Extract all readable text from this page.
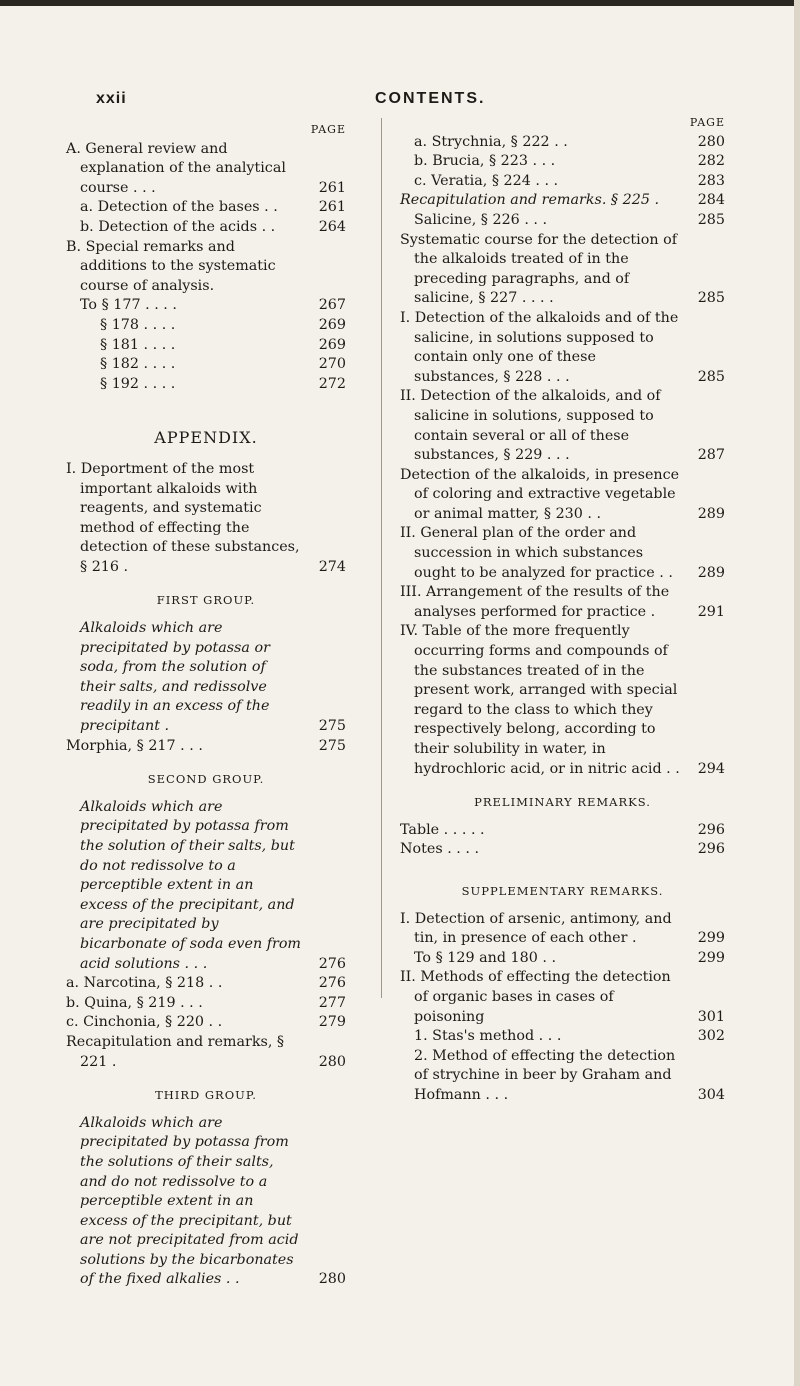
xxii	CONTENTS.
PAGE
A. General review and explanation of the analytical course . . .	261
a. Detection of the bases . .	261
b. Detection of the acids . .	264
B. Special remarks and additions to the systematic course of analysis.
To § 177 . . . .	267
§ 178 . . . .	269
§ 181 . . . .	269
§ 182 . . . .	270
§ 192 . . . .	272
APPENDIX.
I. Deportment of the most important alkaloids with reagents, and systematic method of effecting the detection of these substances, § 216 .	274
FIRST GROUP.
Alkaloids which are precipitated by potassa or soda, from the solution of their salts, and redissolve readily in an excess of the precipitant .	275
Morphia, § 217 . . .	275
SECOND GROUP.
Alkaloids which are precipitated by potassa from the solution of their salts, but do not redissolve to a perceptible extent in an excess of the precipitant, and are precipitated by bicarbonate of soda even from acid solutions . . .	276
a. Narcotina, § 218 . .	276
b. Quina, § 219 . . .	277
c. Cinchonia, § 220 . .	279
Recapitulation and remarks, § 221 .	280
THIRD GROUP.
Alkaloids which are precipitated by potassa from the solutions of their salts, and do not redissolve to a perceptible extent in an excess of the precipitant, but are not precipitated from acid solutions by the bicarbonates of the fixed alkalies . .	280
PAGE
a. Strychnia, § 222 . .	280
b. Brucia, § 223 . . .	282
c. Veratia, § 224 . . .	283
Recapitulation and remarks. § 225 .	284
Salicine, § 226 . . .	285
Systematic course for the detection of the alkaloids treated of in the preceding paragraphs, and of salicine, § 227 . . . .	285
I. Detection of the alkaloids and of the salicine, in solutions supposed to contain only one of these substances, § 228 . . .	285
II. Detection of the alkaloids, and of salicine in solutions, supposed to contain several or all of these substances, § 229 . . .	287
Detection of the alkaloids, in presence of coloring and extractive vegetable or animal matter, § 230 . .	289
II. General plan of the order and succession in which substances ought to be analyzed for practice . . 289
III. Arrangement of the results of the analyses performed for practice .	291
IV. Table of the more frequently occurring forms and compounds of the substances treated of in the present work, arranged with special regard to the class to which they respectively belong, according to their solubility in water, in hydrochloric acid, or in nitric acid . . 294
PRELIMINARY REMARKS.
Table . . . . .	296
Notes . . . .	296
SUPPLEMENTARY REMARKS.
I. Detection of arsenic, antimony, and tin, in presence of each other .	299
To § 129 and 180 . .	299
II. Methods of effecting the detection of organic bases in cases of poisoning	301
1. Stas's method . . .	302
2. Method of effecting the detection of strychine in beer by Graham and Hofmann . . .	304
